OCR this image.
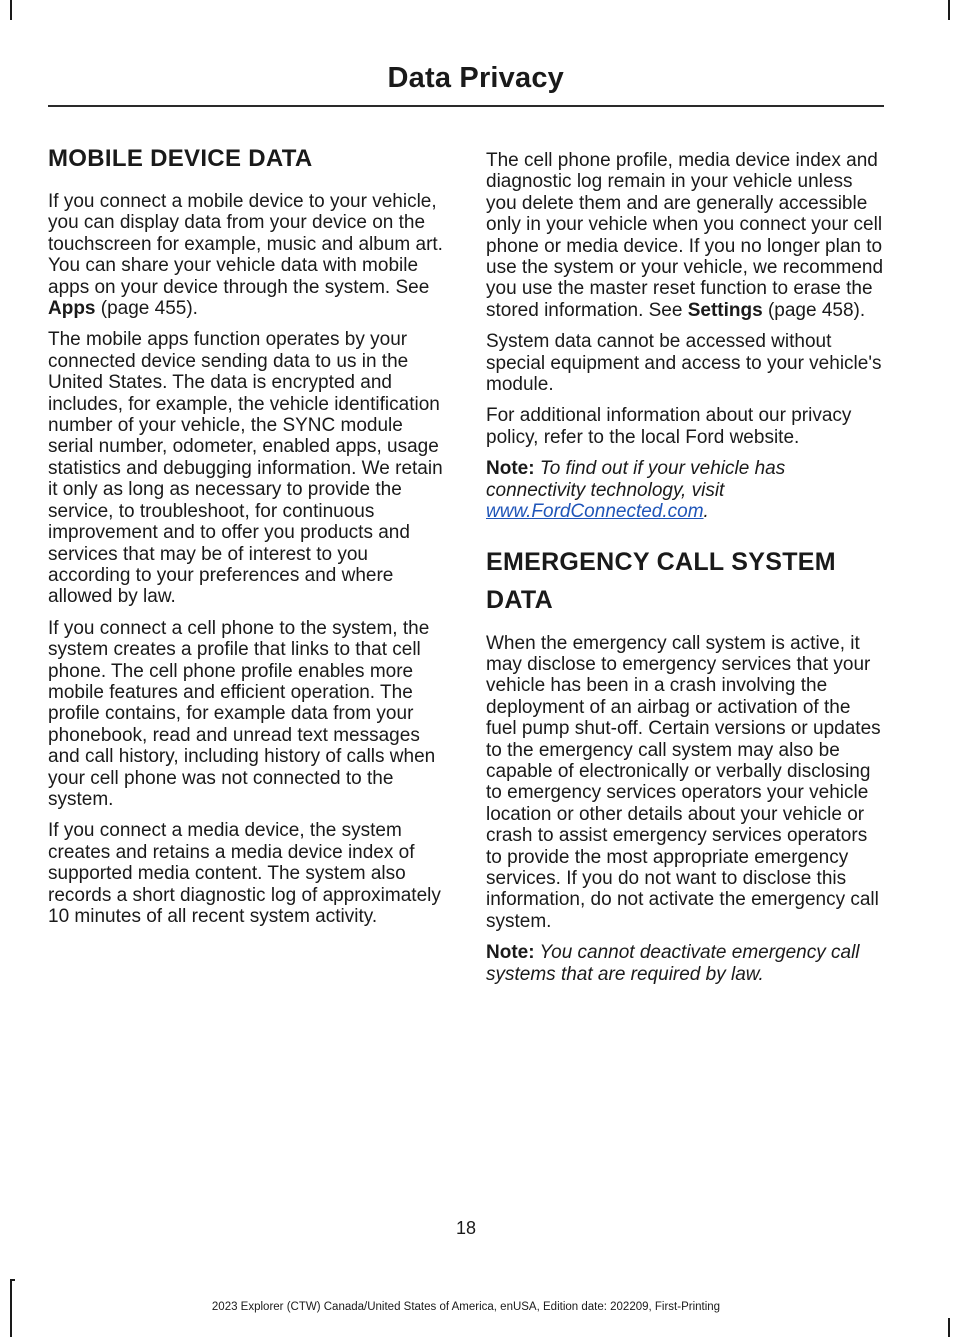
Data Privacy
MOBILE DEVICE DATA

If you connect a mobile device to your vehicle, you can display data from your device on the touchscreen for example, music and album art. You can share your vehicle data with mobile apps on your device through the system. See Apps (page 455).

The mobile apps function operates by your connected device sending data to us in the United States. The data is encrypted and includes, for example, the vehicle identification number of your vehicle, the SYNC module serial number, odometer, enabled apps, usage statistics and debugging information. We retain it only as long as necessary to provide the service, to troubleshoot, for continuous improvement and to offer you products and services that may be of interest to you according to your preferences and where allowed by law.

If you connect a cell phone to the system, the system creates a profile that links to that cell phone. The cell phone profile enables more mobile features and efficient operation. The profile contains, for example data from your phonebook, read and unread text messages and call history, including history of calls when your cell phone was not connected to the system.

If you connect a media device, the system creates and retains a media device index of supported media content. The system also records a short diagnostic log of approximately 10 minutes of all recent system activity.

The cell phone profile, media device index and diagnostic log remain in your vehicle unless you delete them and are generally accessible only in your vehicle when you connect your cell phone or media device. If you no longer plan to use the system or your vehicle, we recommend you use the master reset function to erase the stored information. See Settings (page 458).

System data cannot be accessed without special equipment and access to your vehicle's module.

For additional information about our privacy policy, refer to the local Ford website.

Note: To find out if your vehicle has connectivity technology, visit www.FordConnected.com.

EMERGENCY CALL SYSTEM
DATA

When the emergency call system is active, it may disclose to emergency services that your vehicle has been in a crash involving the deployment of an airbag or activation of the fuel pump shut-off. Certain versions or updates to the emergency call system may also be capable of electronically or verbally disclosing to emergency services operators your vehicle location or other details about your vehicle or crash to assist emergency services operators to provide the most appropriate emergency services. If you do not want to disclose this information, do not activate the emergency call system.

Note: You cannot deactivate emergency call systems that are required by law.

18
2023 Explorer (CTW) Canada/United States of America, enUSA, Edition date: 202209, First-Printing
